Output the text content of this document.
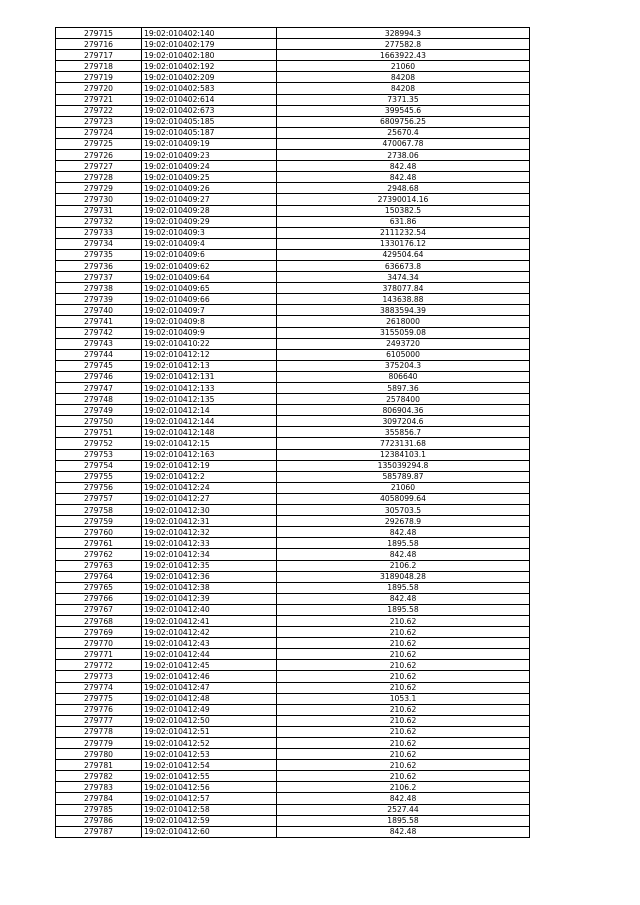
279715	19:02:010402:140	328994.3
279716	19:02:010402:179	277582.8
279717	19:02:010402:180	1663922.43
279718	19:02:010402:192	21060
279719	19:02:010402:209	84208
279720	19:02:010402:583	84208
279721	19:02:010402:614	7371.35
279722	19:02:010402:673	399545.6
279723	19:02:010405:185	6809756.25
279724	19:02:010405:187	25670.4
279725	19:02:010409:19	470067.78
279726	19:02:010409:23	2738.06
279727	19:02:010409:24	842.48
279728	19:02:010409:25	842.48
279729	19:02:010409:26	2948.68
279730	19:02:010409:27	27390014.16
279731	19:02:010409:28	150382.5
279732	19:02:010409:29	631.86
279733	19:02:010409:3	2111232.54
279734	19:02:010409:4	1330176.12
279735	19:02:010409:6	429504.64
279736	19:02:010409:62	636673.8
279737	19:02:010409:64	3474.34
279738	19:02:010409:65	378077.84
279739	19:02:010409:66	143638.88
279740	19:02:010409:7	3883594.39
279741	19:02:010409:8	2618000
279742	19:02:010409:9	3155059.08
279743	19:02:010410:22	2493720
279744	19:02:010412:12	6105000
279745	19:02:010412:13	375204.3
279746	19:02:010412:131	806640
279747	19:02:010412:133	5897.36
279748	19:02:010412:135	2578400
279749	19:02:010412:14	806904.36
279750	19:02:010412:144	3097204.6
279751	19:02:010412:148	355856.7
279752	19:02:010412:15	7723131.68
279753	19:02:010412:163	12384103.1
279754	19:02:010412:19	135039294.8
279755	19:02:010412:2	585789.87
279756	19:02:010412:24	21060
279757	19:02:010412:27	4058099.64
279758	19:02:010412:30	305703.5
279759	19:02:010412:31	292678.9
279760	19:02:010412:32	842.48
279761	19:02:010412:33	1895.58
279762	19:02:010412:34	842.48
279763	19:02:010412:35	2106.2
279764	19:02:010412:36	3189048.28
279765	19:02:010412:38	1895.58
279766	19:02:010412:39	842.48
279767	19:02:010412:40	1895.58
279768	19:02:010412:41	210.62
279769	19:02:010412:42	210.62
279770	19:02:010412:43	210.62
279771	19:02:010412:44	210.62
279772	19:02:010412:45	210.62
279773	19:02:010412:46	210.62
279774	19:02:010412:47	210.62
279775	19:02:010412:48	1053.1
279776	19:02:010412:49	210.62
279777	19:02:010412:50	210.62
279778	19:02:010412:51	210.62
279779	19:02:010412:52	210.62
279780	19:02:010412:53	210.62
279781	19:02:010412:54	210.62
279782	19:02:010412:55	210.62
279783	19:02:010412:56	2106.2
279784	19:02:010412:57	842.48
279785	19:02:010412:58	2527.44
279786	19:02:010412:59	1895.58
279787	19:02:010412:60	842.48
